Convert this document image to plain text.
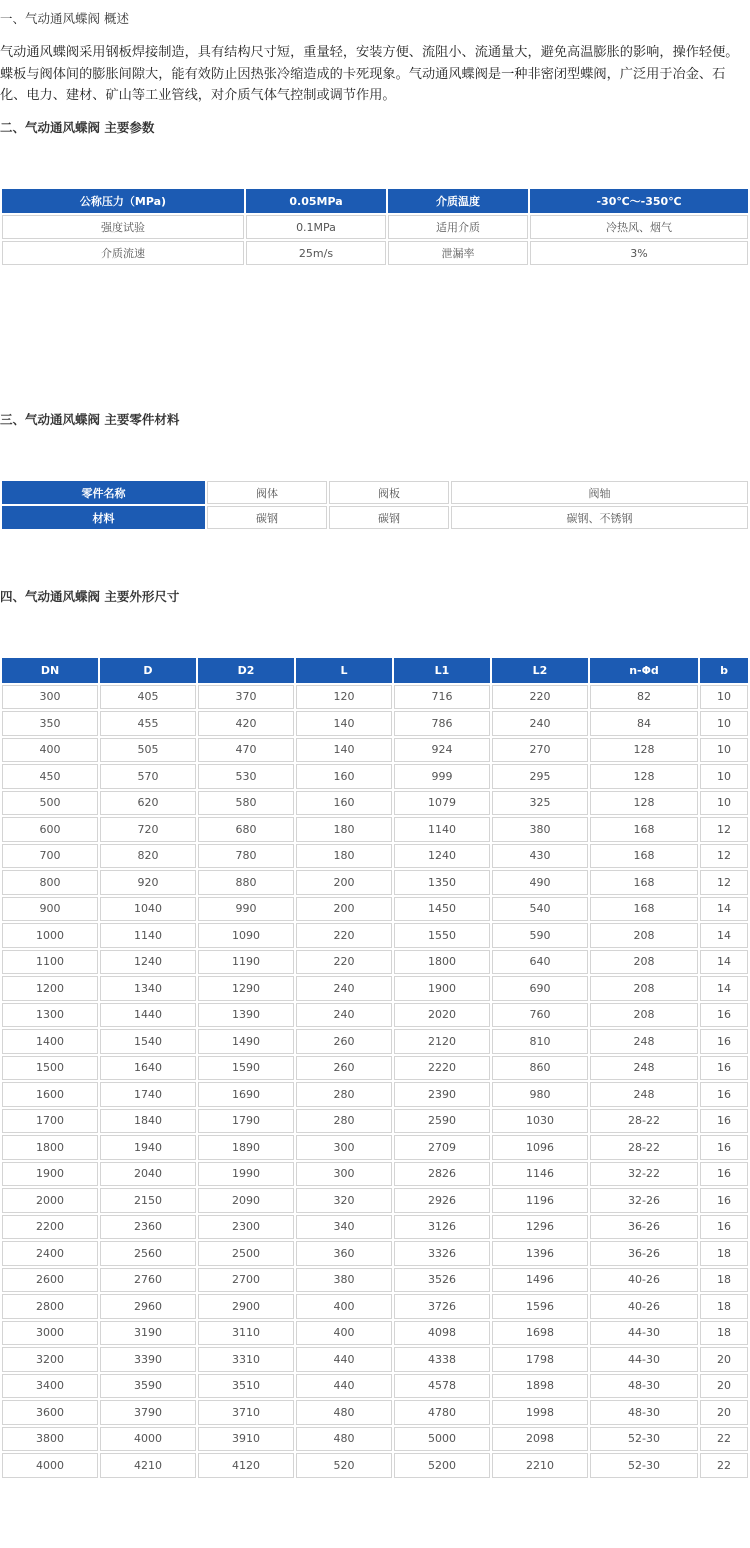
一、气动通风蝶阀 概述

气动通风蝶阀采用钢板焊接制造，具有结构尺寸短，重量轻，安装方便、流阻小、流通量大，避免高温膨胀的影响，操作轻便。蝶板与阀体间的膨胀间隙大，能有效防止因热张冷缩造成的卡死现象。气动通风蝶阀是一种非密闭型蝶阀，广泛用于冶金、石化、电力、建材、矿山等工业管线，对介质气体气控制或调节作用。

二、气动通风蝶阀 主要参数
公称压力（MPa)	0.05MPa	介质温度	-30℃～-350℃
强度试验	0.1MPa	适用介质	冷热风、烟气
介质流速	25m/s	泄漏率	3%
三、气动通风蝶阀 主要零件材料
零件名称	阀体	阀板	阀轴
材料	碳钢	碳钢	碳钢、不锈钢
四、气动通风蝶阀 主要外形尺寸
DN	D	D2	L	L1	L2	n-Φd	b
300	405	370	120	716	220	82	10
350	455	420	140	786	240	84	10
400	505	470	140	924	270	128	10
450	570	530	160	999	295	128	10
500	620	580	160	1079	325	128	10
600	720	680	180	1140	380	168	12
700	820	780	180	1240	430	168	12
800	920	880	200	1350	490	168	12
900	1040	990	200	1450	540	168	14
1000	1140	1090	220	1550	590	208	14
1100	1240	1190	220	1800	640	208	14
1200	1340	1290	240	1900	690	208	14
1300	1440	1390	240	2020	760	208	16
1400	1540	1490	260	2120	810	248	16
1500	1640	1590	260	2220	860	248	16
1600	1740	1690	280	2390	980	248	16
1700	1840	1790	280	2590	1030	28-22	16
1800	1940	1890	300	2709	1096	28-22	16
1900	2040	1990	300	2826	1146	32-22	16
2000	2150	2090	320	2926	1196	32-26	16
2200	2360	2300	340	3126	1296	36-26	16
2400	2560	2500	360	3326	1396	36-26	18
2600	2760	2700	380	3526	1496	40-26	18
2800	2960	2900	400	3726	1596	40-26	18
3000	3190	3110	400	4098	1698	44-30	18
3200	3390	3310	440	4338	1798	44-30	20
3400	3590	3510	440	4578	1898	48-30	20
3600	3790	3710	480	4780	1998	48-30	20
3800	4000	3910	480	5000	2098	52-30	22
4000	4210	4120	520	5200	2210	52-30	22
